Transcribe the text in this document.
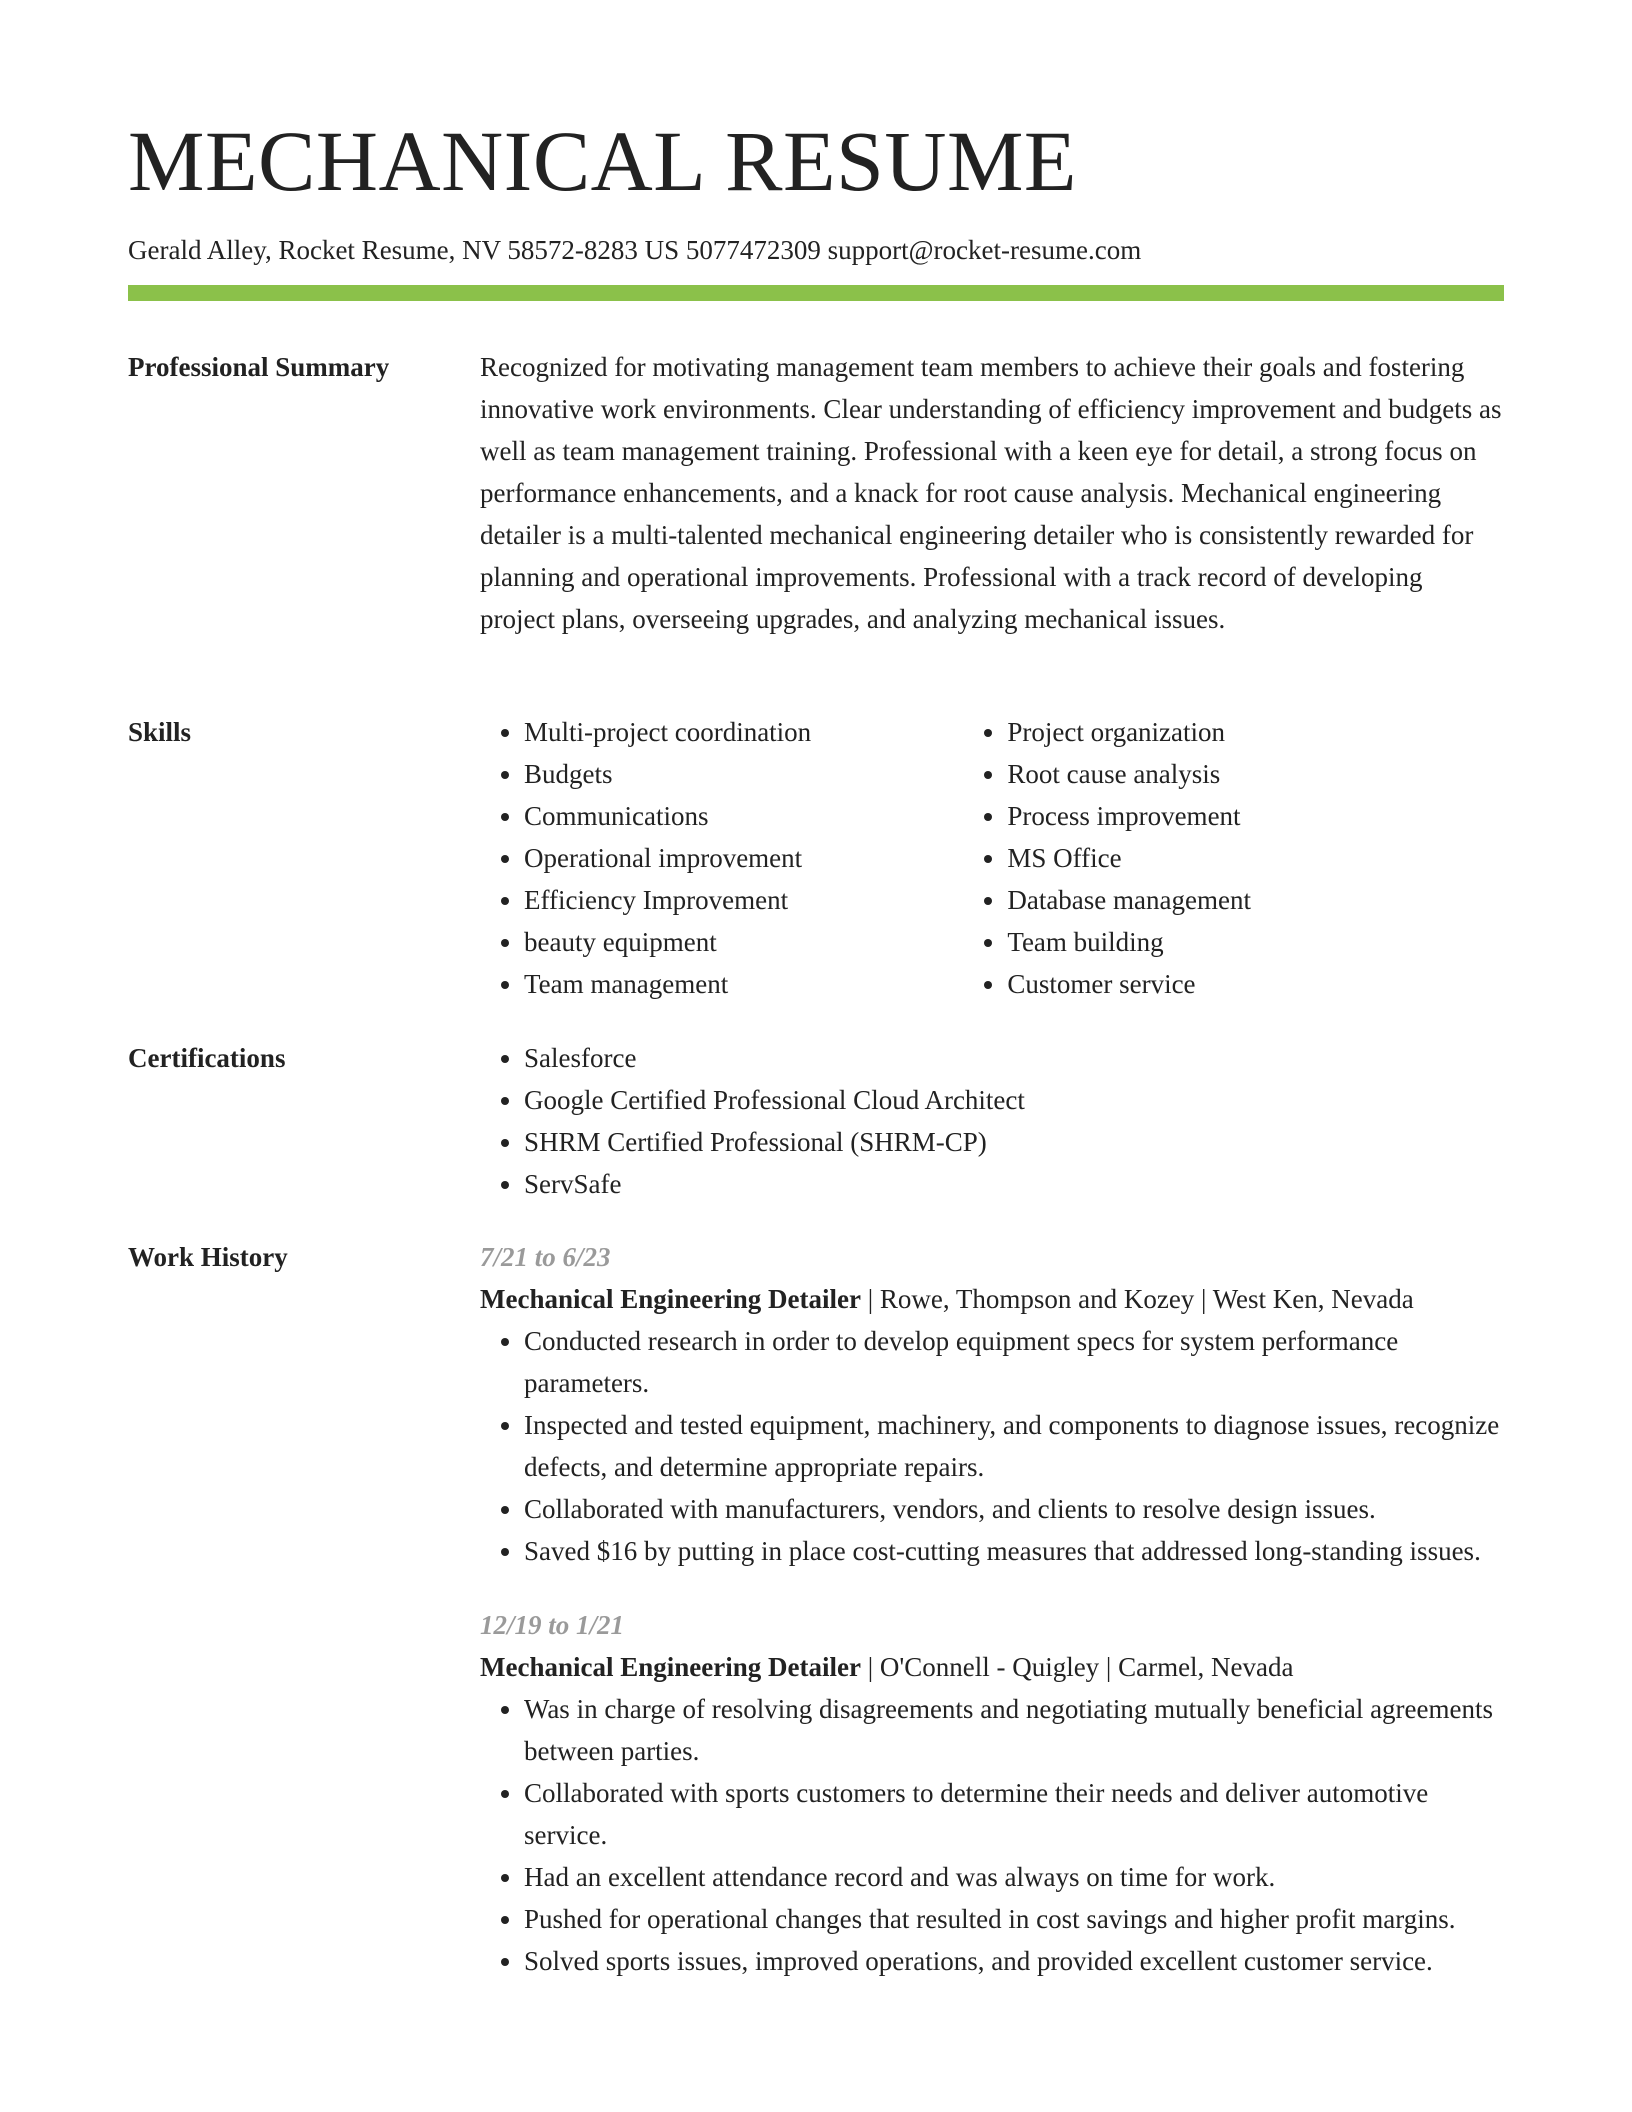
MECHANICAL RESUME
Gerald Alley, Rocket Resume, NV 58572-8283 US 5077472309 support@rocket-resume.com
Professional Summary	Recognized for motivating management team members to achieve their goals and fostering innovative work environments. Clear understanding of efficiency improvement and budgets as well as team management training. Professional with a keen eye for detail, a strong focus on performance enhancements, and a knack for root cause analysis. Mechanical engineering detailer is a multi-talented mechanical engineering detailer who is consistently rewarded for planning and operational improvements. Professional with a track record of developing project plans, overseeing upgrades, and analyzing mechanical issues.

Skills	• Multi-project coordination
• Budgets
• Communications
• Operational improvement
• Efficiency Improvement
• beauty equipment
• Team management
• Project organization
• Root cause analysis
• Process improvement
• MS Office
• Database management
• Team building
• Customer service
Certifications	• Salesforce
• Google Certified Professional Cloud Architect
• SHRM Certified Professional (SHRM-CP)
• ServSafe
Work History	7/21 to 6/23
Mechanical Engineering Detailer | Rowe, Thompson and Kozey | West Ken, Nevada
• Conducted research in order to develop equipment specs for system performance parameters.
• Inspected and tested equipment, machinery, and components to diagnose issues, recognize defects, and determine appropriate repairs.
• Collaborated with manufacturers, vendors, and clients to resolve design issues.
• Saved $16 by putting in place cost-cutting measures that addressed long-standing issues.
12/19 to 1/21
Mechanical Engineering Detailer | O'Connell - Quigley | Carmel, Nevada
• Was in charge of resolving disagreements and negotiating mutually beneficial agreements between parties.
• Collaborated with sports customers to determine their needs and deliver automotive service.
• Had an excellent attendance record and was always on time for work.
• Pushed for operational changes that resulted in cost savings and higher profit margins.
• Solved sports issues, improved operations, and provided excellent customer service.
